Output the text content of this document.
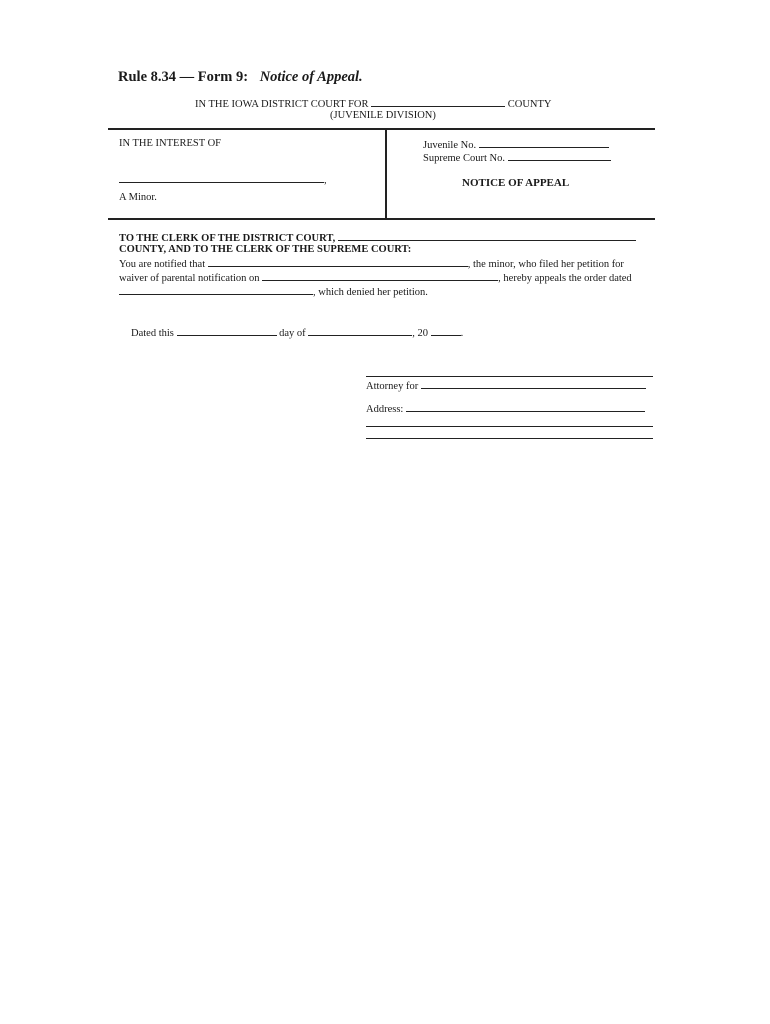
Rule 8.34 — Form 9: Notice of Appeal.
IN THE IOWA DISTRICT COURT FOR	COUNTY
(JUVENILE DIVISION)
IN THE INTEREST OF
,
A Minor.
Juvenile No.
Supreme Court No.
NOTICE OF APPEAL
TO THE CLERK OF THE DISTRICT COURT,
COUNTY, AND TO THE CLERK OF THE SUPREME COURT:
You are notified that	, the minor, who filed her petition for
waiver of parental notification on	, hereby appeals the order dated
, which denied her petition.
Dated this	day of	, 20	.
Attorney for
Address:
